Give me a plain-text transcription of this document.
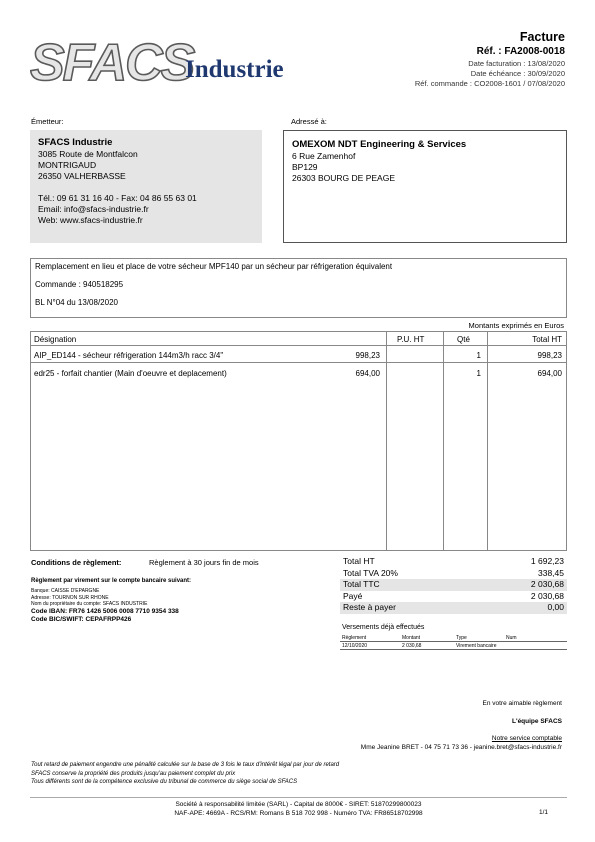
SFACS
Industrie
Facture
Réf. : FA2008-0018
Date facturation : 13/08/2020
Date échéance : 30/09/2020
Réf. commande : CO2008-1601 / 07/08/2020
Émetteur:
SFACS Industrie
3085 Route de Montfalcon
MONTRIGAUD
26350 VALHERBASSE
Tél.: 09 61 31 16 40 - Fax: 04 86 55 63 01
Email: info@sfacs-industrie.fr
Web: www.sfacs-industrie.fr
Adressé à:
OMEXOM NDT Engineering & Services
6 Rue Zamenhof
BP129
26303 BOURG DE PEAGE
Remplacement en lieu et place de votre sécheur MPF140 par un sécheur par réfrigeration équivalent
Commande : 940518295
BL N°04 du 13/08/2020
Montants exprimés en Euros
Désignation	P.U. HT	Qté	Total HT
AIP_ED144 - sécheur réfrigeration 144m3/h racc 3/4"	998,23	1	998,23
edr25 - forfait chantier (Main d'oeuvre et deplacement)	694,00	1	694,00
Conditions de règlement:	Règlement à 30 jours fin de mois
Règlement par virement sur le compte bancaire suivant:
Banque: CAISSE D'EPARGNE
Adresse: TOURNON SUR RHONE
Nom du propriétaire du compte: SFACS INDUSTRIE
Code IBAN: FR76 1426 5006 0008 7710 9354 338
Code BIC/SWIFT: CEPAFRPP426
Total HT	1 692,23
Total TVA 20%	338,45
Total TTC	2 030,68
Payé	2 030,68
Reste à payer	0,00
Versements déjà effectués
Règlement	Montant	Type	Num
12/10/2020	2 030,68	Virement bancaire
En votre aimable règlement
L'équipe SFACS
Notre service comptable
Mme Jeanine BRET - 04 75 71 73 36 - jeanine.bret@sfacs-industrie.fr
Tout retard de paiement engendre une pénalité calculée sur la base de 3 fois le taux d'intérêt légal par jour de retard
SFACS conserve la propriété des produits jusqu'au paiement complet du prix
Tous différents sont de la compétence exclusive du tribunal de commerce du siège social de SFACS
Société à responsabilité limitée (SARL) - Capital de 8000€ - SIRET: 51870299800023
NAF-APE: 4669A - RCS/RM: Romans B 518 702 998 - Numéro TVA: FR86518702998	1/1
